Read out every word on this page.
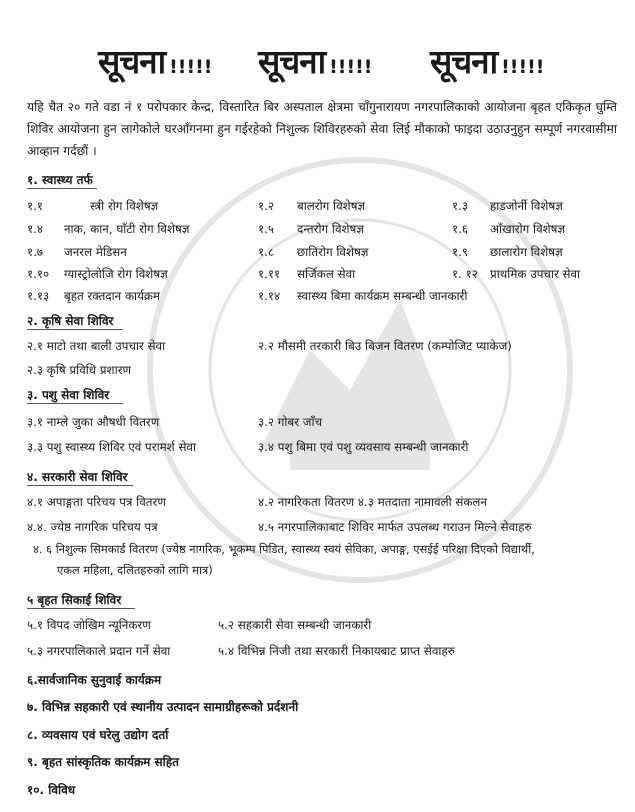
सूचना !!!!! सूचना !!!!! सूचना !!!!!
यहि चैत २० गते वडा नं १ परोपकार केन्द्र, विस्तारित बिर अस्पताल क्षेत्रमा चाँगुनारायण नगरपालिकाको आयोजना बृहत एकिकृत घुम्ति शिविर आयोजना हुन लागेकोले घरआँगनमा हुन गईरहेको निशुल्क शिविरहरुको सेवा लिई मौकाको फाइदा उठाउनुहुन सम्पूर्ण नगरवासीमा आव्हान गर्दछौं ।
१. स्वास्थ्य तर्फ
१.१	स्त्री रोग विशेषज्ञ	१.२ बालरोग विशेषज्ञ	१.३ हाडजोर्नी विशेषज्ञ
१.४ नाक, कान, घाँटी रोग विशेषज्ञ	१.५ दन्तरोग विशेषज्ञ	१.६ आँखारोग विशेषज्ञ
१.७ जनरल मेडिसन	१.८ छातिरोग विशेषज्ञ	१.९ छालारोग विशेषज्ञ
१.१० ग्यास्ट्रोलोजि रोग विशेषज्ञ	१.११ सर्जिकल सेवा	१. १२ प्राथमिक उपचार सेवा
१.१३ बृहत रक्तदान कार्यक्रम	१.१४ स्वास्थ्य बिमा कार्यक्रम सम्बन्धी जानकारी
२. कृषि सेवा शिविर
२.१ माटो तथा बाली उपचार सेवा	२.२ मौसमी तरकारी बिउ बिजन वितरण (कम्पोजिट प्याकेज)
२.३ कृषि प्रविधि प्रशारण
३. पशु सेवा शिविर
३.१ नाम्ले जुका औषधी वितरण	३.२ गोबर जाँच
३.३ पशु स्वास्थ्य शिविर एवं परामर्श सेवा	३.४ पशु बिमा एवं पशु व्यवसाय सम्बन्धी जानकारी
४. सरकारी सेवा शिविर
४.१ अपाङ्गता परिचय पत्र वितरण	४.२ नागरिकता वितरण ४.३ मतदाता नामावली संकलन
४.४. ज्येष्ठ नागरिक परिचय पत्र	४.५ नगरपालिकाबाट शिविर मार्फत उपलब्ध गराउन मिल्ने सेवाहरु
४. ६ निशुल्क सिमकार्ड वितरण (ज्येष्ठ नागरिक, भूकम्प पिडित, स्वास्थ्य स्वयं सेविका, अपाङ्ग, एसईई परिक्षा दिएको विद्यार्थी,
एकल महिला, दलितहरुको लागि मात्र)
५ बृहत सिकाई शिविर
५.१ विपद जोखिम न्यूनिकरण	५.२ सहकारी सेवा सम्बन्धी जानकारी
५.३ नगरपालिकाले प्रदान गर्ने सेवा	५.४ विभिन्न निजी तथा सरकारी निकायबाट प्राप्त सेवाहरु
६.सार्वजानिक सुनुवाई कार्यक्रम
७. विभिन्न सहकारी एवं स्थानीय उत्पादन सामाग्रीहरूको प्रर्दशनी
८. व्यवसाय एवं घरेलु उद्योग दर्ता
९. बृहत सांस्कृतिक कार्यक्रम सहित
१०. विविध
